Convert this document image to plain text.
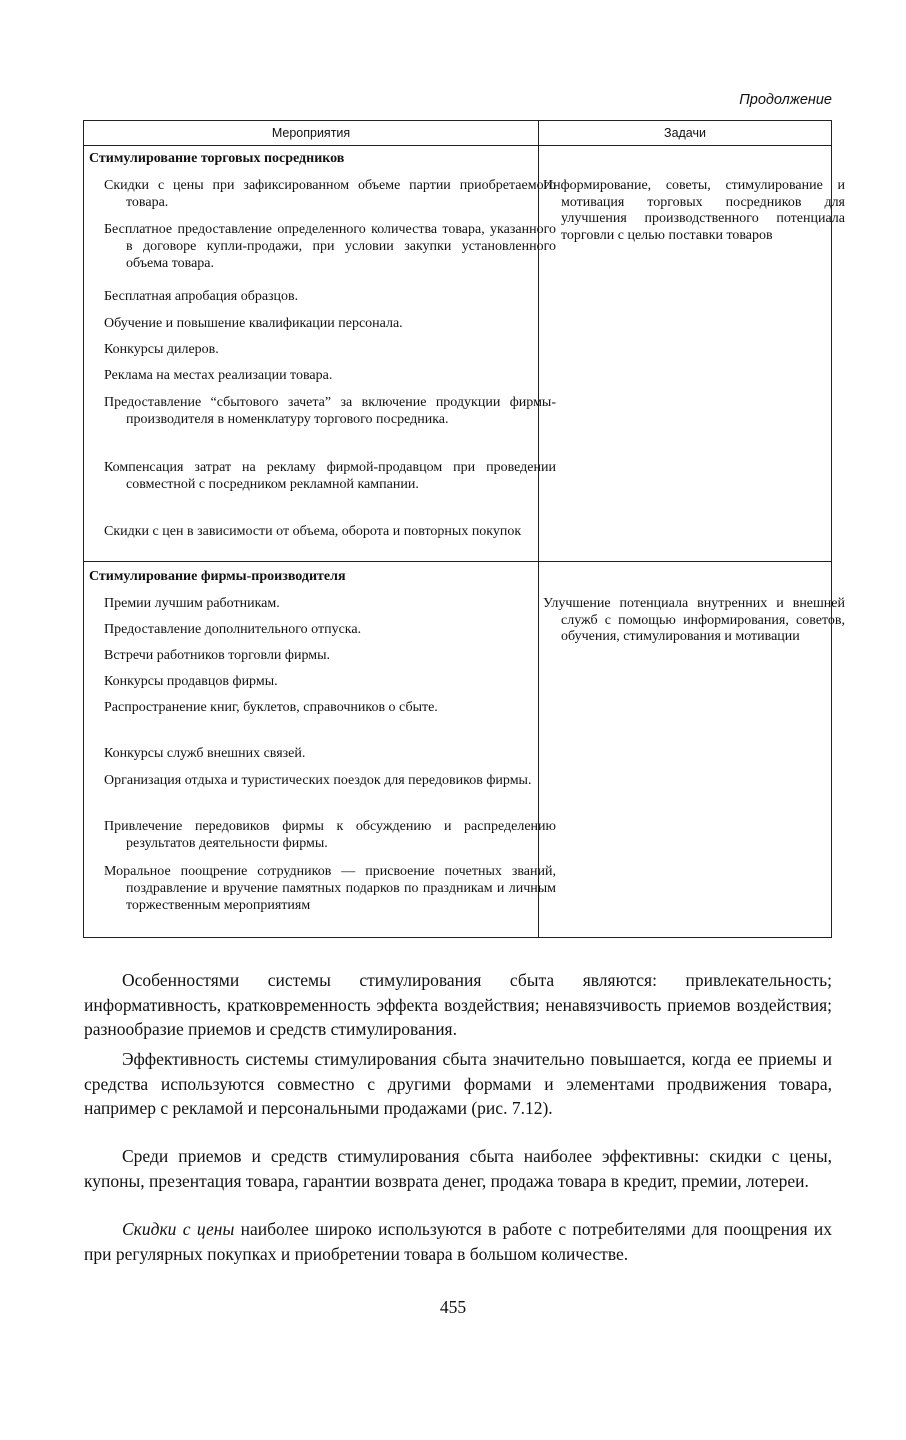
Продолжение
Мероприятия	Задачи
Стимулирование торговых посредников
Скидки с цены при зафиксированном объеме партии приобретаемого товара.
Бесплатное предоставление определенного количества товара, указанного в договоре купли-продажи, при условии закупки установленного объема товара.
Бесплатная апробация образцов.
Обучение и повышение квалификации персонала.
Конкурсы дилеров.
Реклама на местах реализации товара.
Предоставление “сбытового зачета” за включение продукции фирмы-производителя в номенклатуру торгового посредника.
Компенсация затрат на рекламу фирмой-продавцом при проведении совместной с посредником рекламной кампании.
Скидки с цен в зависимости от объема, оборота и повторных покупок
Информирование, советы, стимулирование и мотивация торговых посредников для улучшения производственного потенциала торговли с целью поставки товаров
Стимулирование фирмы-производителя
Премии лучшим работникам.
Предоставление дополнительного отпуска.
Встречи работников торговли фирмы.
Конкурсы продавцов фирмы.
Распространение книг, буклетов, справочников о сбыте.
Конкурсы служб внешних связей.
Организация отдыха и туристических поездок для передовиков фирмы.
Привлечение передовиков фирмы к обсуждению и распределению результатов деятельности фирмы.
Моральное поощрение сотрудников — присвоение почетных званий, поздравление и вручение памятных подарков по праздникам и личным торжественным мероприятиям
Улучшение потенциала внутренних и внешней служб с помощью информирования, советов, обучения, стимулирования и мотивации
Особенностями системы стимулирования сбыта являются: привлекательность; информативность, кратковременность эффекта воздействия; ненавязчивость приемов воздействия; разнообразие приемов и средств стимулирования.
Эффективность системы стимулирования сбыта значительно повышается, когда ее приемы и средства используются совместно с другими формами и элементами продвижения товара, например с рекламой и персональными продажами (рис. 7.12).
Среди приемов и средств стимулирования сбыта наиболее эффективны: скидки с цены, купоны, презентация товара, гарантии возврата денег, продажа товара в кредит, премии, лотереи.
Скидки с цены наиболее широко используются в работе с потребителями для поощрения их при регулярных покупках и приобретении товара в большом количестве.
455
